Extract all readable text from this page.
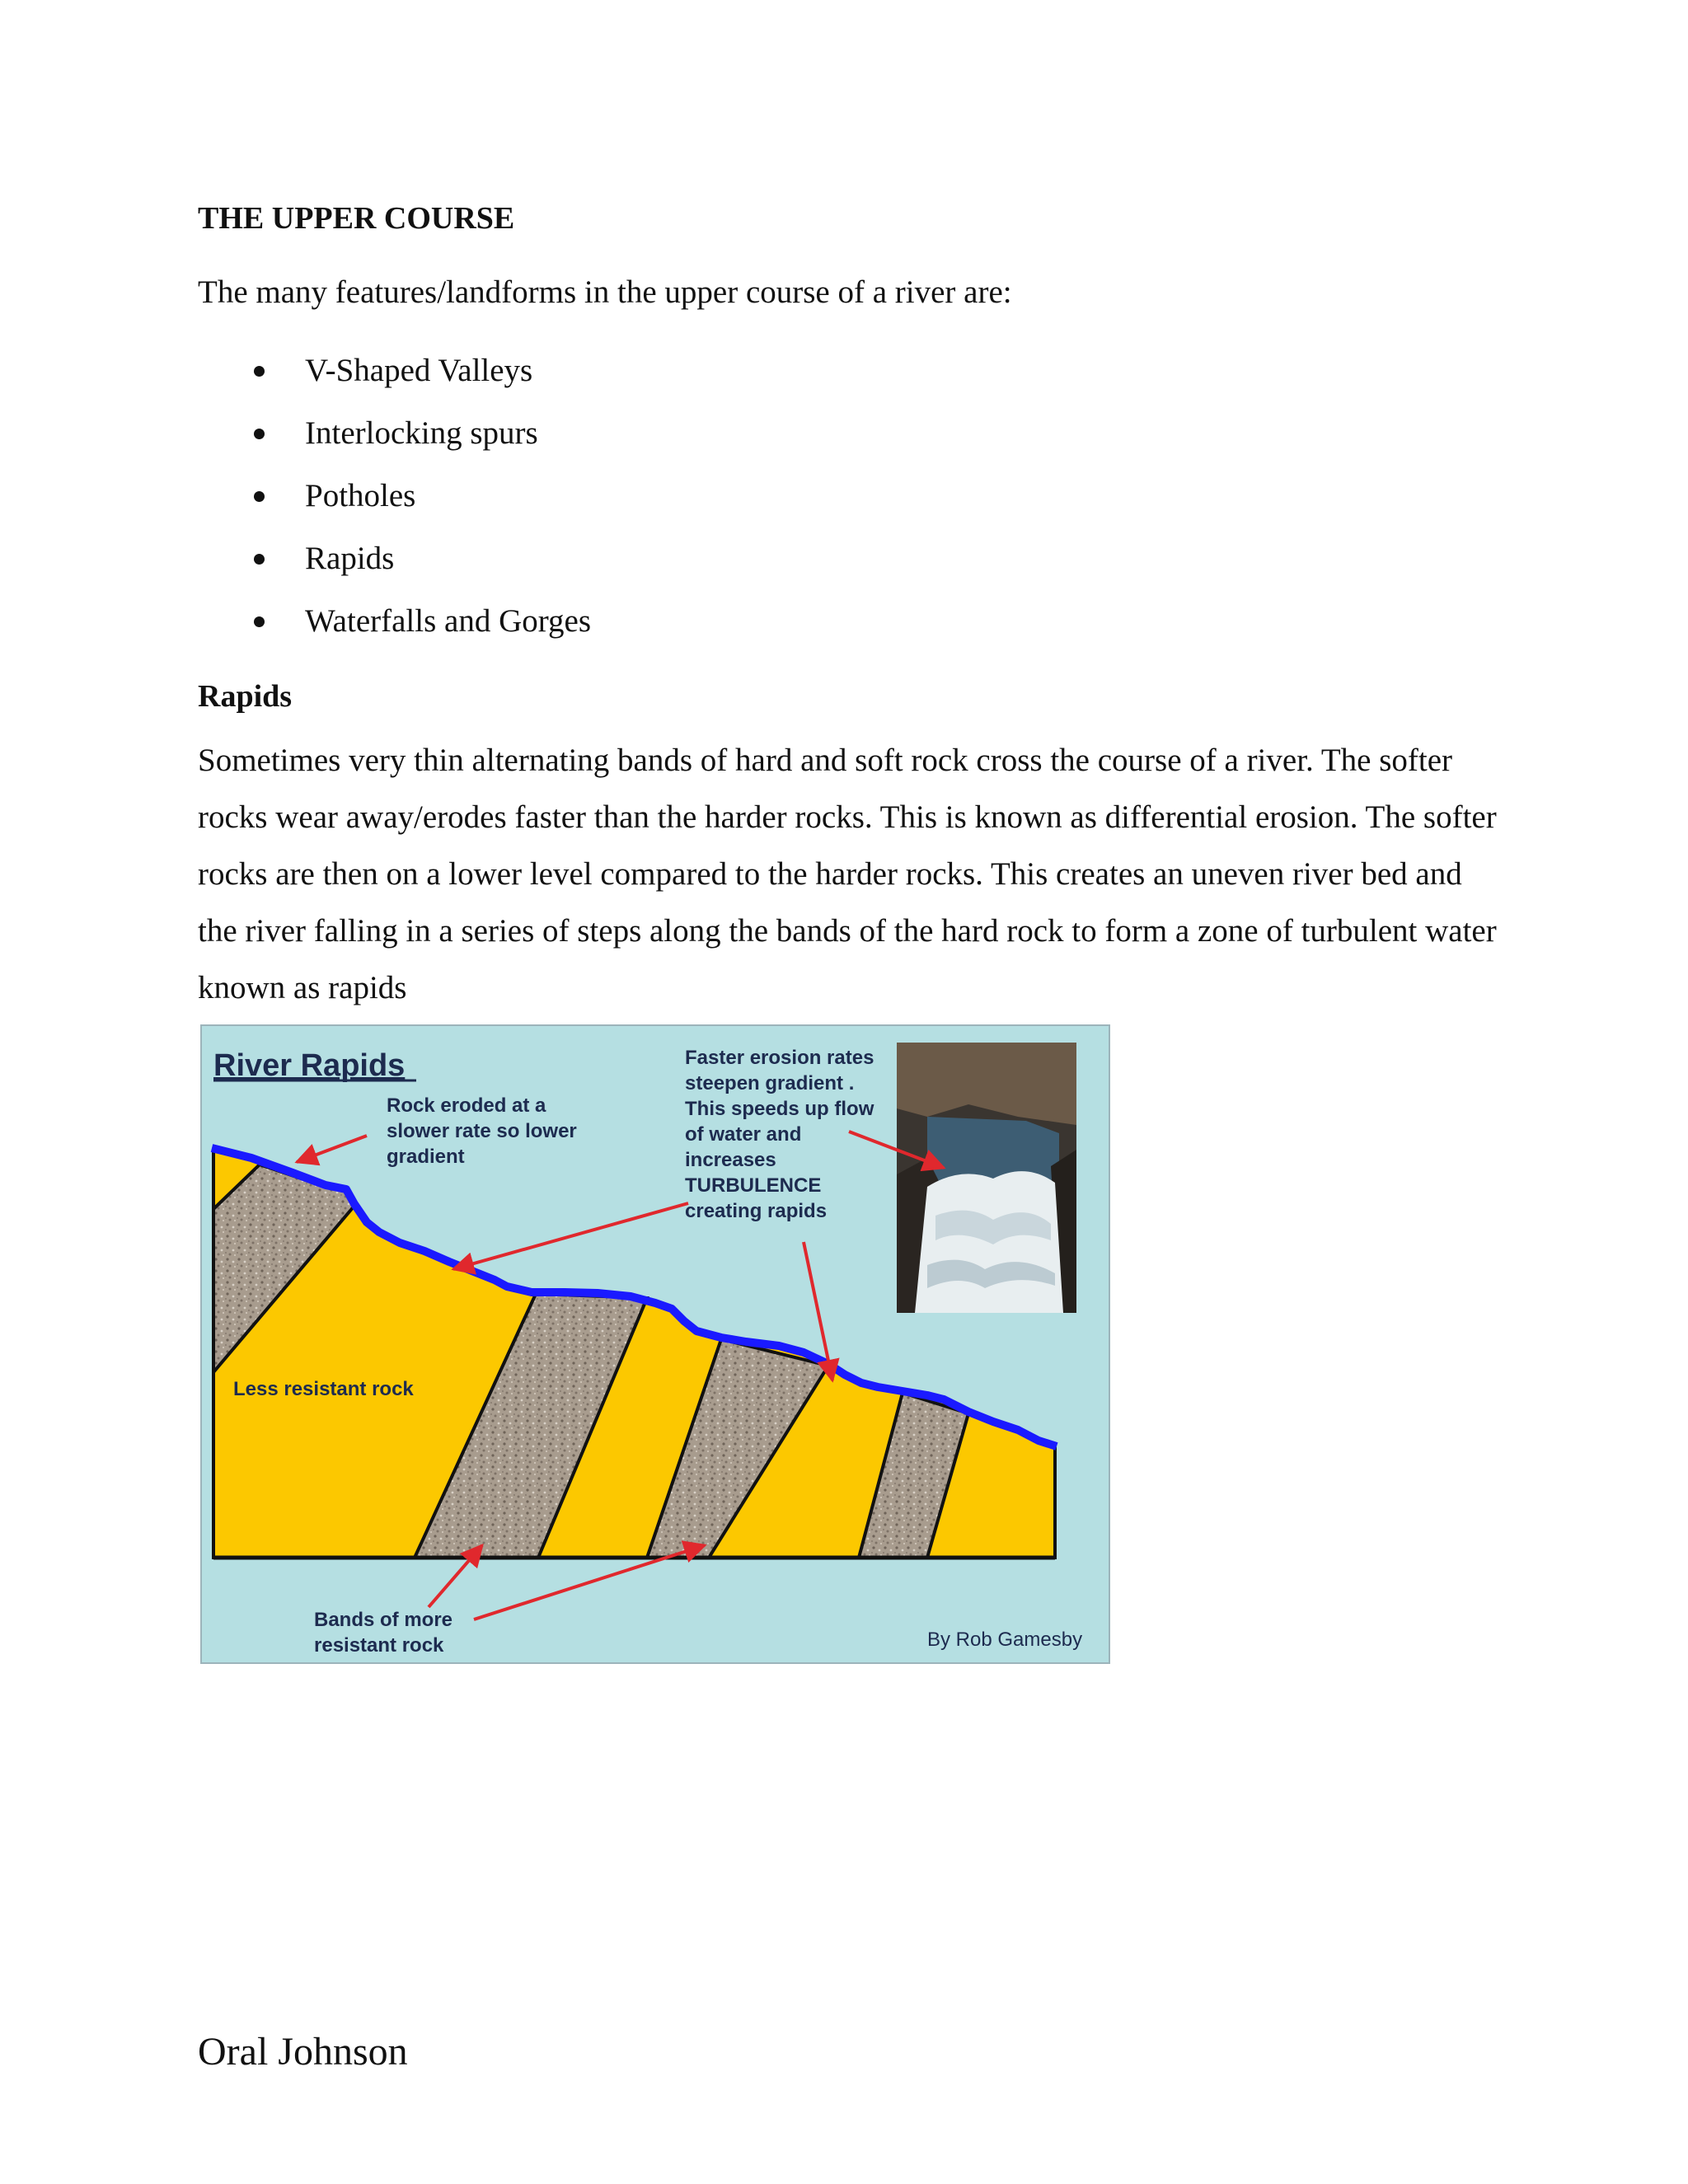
THE UPPER COURSE

The many features/landforms in the upper course of a river are:

V-Shaped Valleys
Interlocking spurs
Potholes
Rapids
Waterfalls and Gorges
Rapids

Sometimes very thin alternating bands of hard and soft rock cross the course of a river. The softer rocks wear away/erodes faster than the harder rocks. This is known as differential erosion. The softer rocks are then on a lower level compared to the harder rocks. This creates an uneven river bed and the river falling in a series of steps along the bands of the hard rock to form a zone of turbulent water known as rapids

River Rapids
Rock eroded at a slower rate so lower gradient
Faster erosion rates steepen gradient . This speeds up flow of water and increases TURBULENCE creating rapids
Less resistant rock
Bands of more resistant rock	By Rob Gamesby

Oral Johnson
